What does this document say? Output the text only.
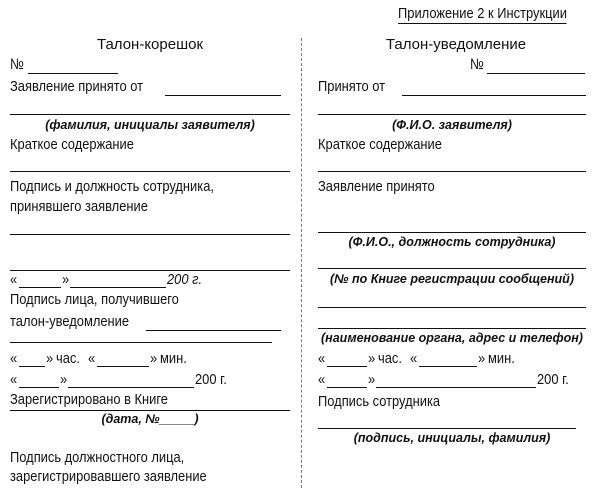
Приложение 2 к Инструкции
Талон-корешок
№
Заявление принято от
(фамилия, инициалы заявителя)
Краткое содержание
Подпись и должность сотрудника,
принявшего заявление
«	»	200 г.
Подпись лица, получившего
талон-уведомление
« » час. «	» мин.
«	»	200 г.
Зарегистрировано в Книге
(дата, №_____)
Подпись должностного лица,
зарегистрировавшего заявление
Талон-уведомление
№
Принято от
(Ф.И.О. заявителя)
Краткое содержание
Заявление принято
(Ф.И.О., должность сотрудника)
(№ по Книге регистрации сообщений)
(наименование органа, адрес и телефон)
«	» час. «	» мин.
«	»	200 г.
Подпись сотрудника
(подпись, инициалы, фамилия)
